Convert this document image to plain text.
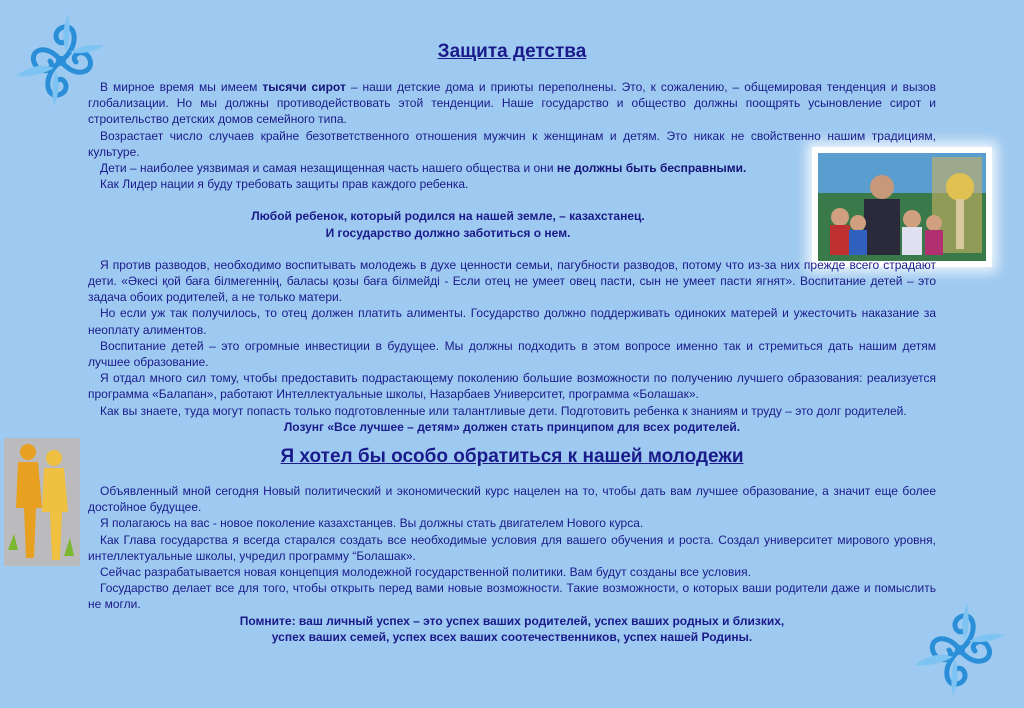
Защита детства

В мирное время мы имеем тысячи сирот – наши детские дома и приюты переполнены. Это, к сожалению, – общемировая тенденция и вызов глобализации. Но мы должны противодействовать этой тенденции. Наше государство и общество должны поощрять усыновление сирот и строительство детских домов семейного типа.

Возрастает число случаев крайне безответственного отношения мужчин к женщинам и детям. Это никак не свойственно нашим традициям, культуре.

Дети – наиболее уязвимая и самая незащищенная часть нашего общества и они не должны быть бесправными.

Как Лидер нации я буду требовать защиты прав каждого ребенка.

Любой ребенок, который родился на нашей земле, – казахстанец.

И государство должно заботиться о нем.

Я против разводов, необходимо воспитывать молодежь в духе ценности семьи, пагубности разводов, потому что из-за них прежде всего страдают дети. «Әкесі қой бағa білмегеннің, баласы қозы бағa білмейді - Если отец не умеет овец пасти, сын не умеет пасти ягнят». Воспитание детей – это задача обоих родителей, а не только матери.

Но если уж так получилось, то отец должен платить алименты. Государство должно поддерживать одиноких матерей и ужесточить наказание за неоплату алиментов.

Воспитание детей – это огромные инвестиции в будущее. Мы должны подходить в этом вопросе именно так и стремиться дать нашим детям лучшее образование.

Я отдал много сил тому, чтобы предоставить подрастающему поколению большие возможности по получению лучшего образования: реализуется программа «Балапан», работают Интеллектуальные школы, Назарбаев Университет, программа «Болашак».

Как вы знаете, туда могут попасть только подготовленные или талантливые дети. Подготовить ребенка к знаниям и труду – это долг родителей.

Лозунг «Все лучшее – детям» должен стать принципом для всех родителей.

Я хотел бы особо обратиться к нашей молодежи

Объявленный мной сегодня Новый политический и экономический курс нацелен на то, чтобы дать вам лучшее образование, а значит еще более достойное будущее.

Я полагаюсь на вас - новое поколение казахстанцев. Вы должны стать двигателем Нового курса.

Как Глава государства я всегда старался создать все необходимые условия для вашего обучения и роста. Создал университет мирового уровня, интеллектуальные школы, учредил программу “Болашак».

Сейчас разрабатывается новая концепция молодежной государственной политики. Вам будут созданы все условия.

Государство делает все для того, чтобы открыть перед вами новые возможности. Такие возможности, о которых ваши родители даже и помыслить не могли.

Помните: ваш личный успех – это успех ваших родителей, успех ваших родных и близких,

успех ваших семей, успех всех ваших соотечественников, успех нашей Родины.
